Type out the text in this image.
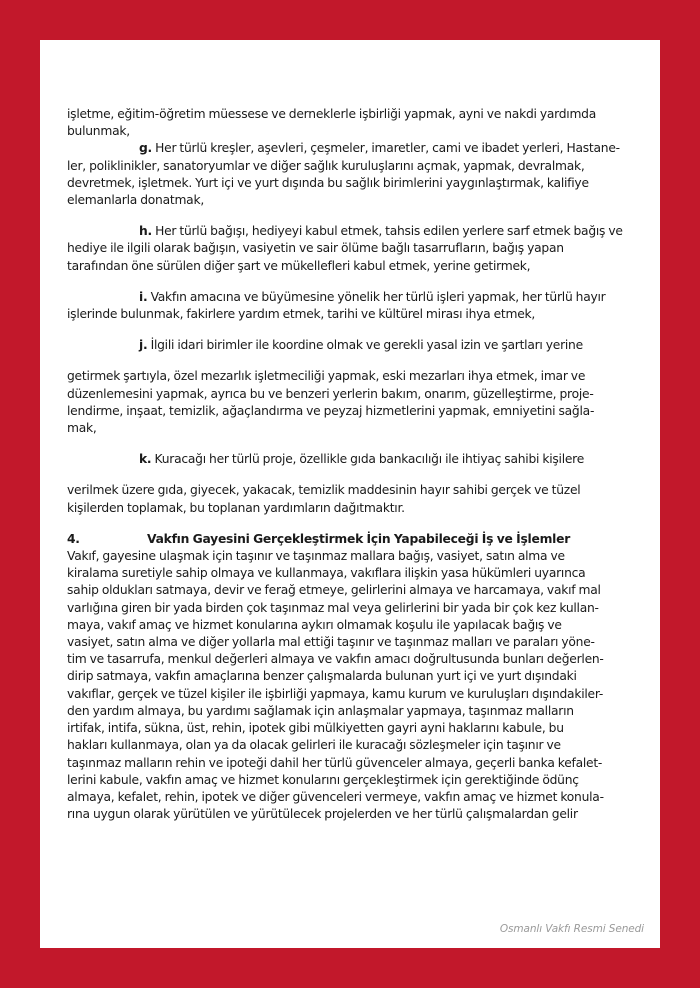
işletme, eğitim-öğretim müessese ve derneklerle işbirliği yapmak, ayni ve nakdi yardımda
bulunmak,
g. Her türlü kreşler, aşevleri, çeşmeler, imaretler, cami ve ibadet yerleri, Hastane-
ler, poliklinikler, sanatoryumlar ve diğer sağlık kuruluşlarını açmak, yapmak, devralmak,
devretmek, işletmek. Yurt içi ve yurt dışında bu sağlık birimlerini yaygınlaştırmak, kalifiye
elemanlarla donatmak,
h. Her türlü bağışı, hediyeyi kabul etmek, tahsis edilen yerlere sarf etmek bağış ve
hediye ile ilgili olarak bağışın, vasiyetin ve sair ölüme bağlı tasarrufların, bağış yapan
tarafından öne sürülen diğer şart ve mükellefleri kabul etmek, yerine getirmek,
i. Vakfın amacına ve büyümesine yönelik her türlü işleri yapmak, her türlü hayır
işlerinde bulunmak, fakirlere yardım etmek, tarihi ve kültürel mirası ihya etmek,
j. İlgili idari birimler ile koordine olmak ve gerekli yasal izin ve şartları yerine
getirmek şartıyla, özel mezarlık işletmeciliği yapmak, eski mezarları ihya etmek, imar ve
düzenlemesini yapmak, ayrıca bu ve benzeri yerlerin bakım, onarım, güzelleştirme, proje-
lendirme, inşaat, temizlik, ağaçlandırma ve peyzaj hizmetlerini yapmak, emniyetini sağla-
mak,
k. Kuracağı her türlü proje, özellikle gıda bankacılığı ile ihtiyaç sahibi kişilere
verilmek üzere gıda, giyecek, yakacak, temizlik maddesinin hayır sahibi gerçek ve tüzel
kişilerden toplamak, bu toplanan yardımların dağıtmaktır.
4.	Vakfın Gayesini Gerçekleştirmek İçin Yapabileceği İş ve İşlemler
Vakıf, gayesine ulaşmak için taşınır ve taşınmaz mallara bağış, vasiyet, satın alma ve
kiralama suretiyle sahip olmaya ve kullanmaya, vakıflara ilişkin yasa hükümleri uyarınca
sahip oldukları satmaya, devir ve ferağ etmeye, gelirlerini almaya ve harcamaya, vakıf mal
varlığına giren bir yada birden çok taşınmaz mal veya gelirlerini bir yada bir çok kez kullan-
maya, vakıf amaç ve hizmet konularına aykırı olmamak koşulu ile yapılacak bağış ve
vasiyet, satın alma ve diğer yollarla mal ettiği taşınır ve taşınmaz malları ve paraları yöne-
tim ve tasarrufa, menkul değerleri almaya ve vakfın amacı doğrultusunda bunları değerlen-
dirip satmaya, vakfın amaçlarına benzer çalışmalarda bulunan yurt içi ve yurt dışındaki
vakıflar, gerçek ve tüzel kişiler ile işbirliği yapmaya, kamu kurum ve kuruluşları dışındakiler-
den yardım almaya, bu yardımı sağlamak için anlaşmalar yapmaya, taşınmaz malların
irtifak, intifa, sükna, üst, rehin, ipotek gibi mülkiyetten gayri ayni haklarını kabule, bu
hakları kullanmaya, olan ya da olacak gelirleri ile kuracağı sözleşmeler için taşınır ve
taşınmaz malların rehin ve ipoteği dahil her türlü güvenceler almaya, geçerli banka kefalet-
lerini kabule, vakfın amaç ve hizmet konularını gerçekleştirmek için gerektiğinde ödünç
almaya, kefalet, rehin, ipotek ve diğer güvenceleri vermeye, vakfın amaç ve hizmet konula-
rına uygun olarak yürütülen ve yürütülecek projelerden ve her türlü çalışmalardan gelir
Osmanlı Vakfı Resmi Senedi
